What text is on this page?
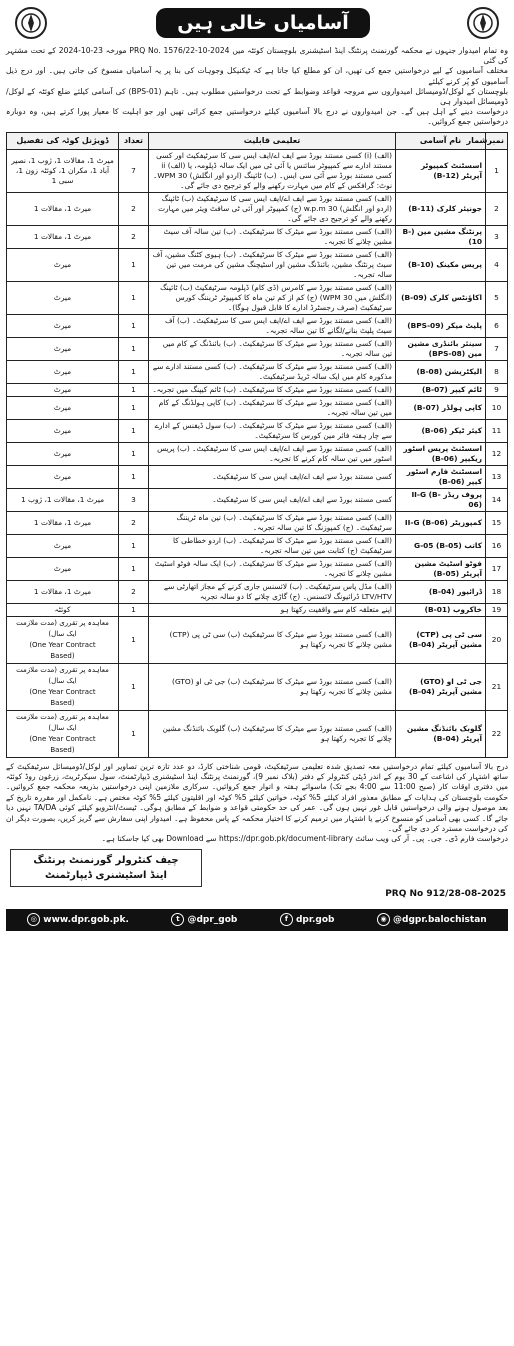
آسامیاں خالی ہیں

وہ تمام امیدوار جنہوں نے محکمہ گورنمنٹ پرنٹنگ اینڈ اسٹیشنری بلوچستان کوئٹہ میں PRQ No. 1576/22-10-2024 مورخہ 23-10-2024 کے تحت مشتہر کی گئی

مختلف آسامیوں کے لیے درخواستیں جمع کی تھیں، ان کو مطلع کیا جاتا ہے کہ ٹیکنیکل وجوہات کی بنا پر یہ آسامیاں منسوخ کی جاتی ہیں۔ اور درج ذیل آسامیوں کو پُر کرنے کیلئے

بلوچستان کے لوکل/ڈومیسائل امیدواروں سے مروجہ قواعد وضوابط کے تحت درخواستیں مطلوب ہیں۔ تاہم (BPS-01) کی آسامی کیلئے ضلع کوئٹہ کے لوکل/ڈومیسائل امیدوار ہی

درخواست دینے کے اہل ہیں گے۔ جن امیدواروں نے درج بالا آسامیوں کیلئے درخواستیں جمع کرائی تھیں اور جو اہلیت کا معیار پورا کرتے ہیں، وہ دوبارہ درخواستیں جمع کروائیں۔

نمبرشمار	نام آسامی	تعلیمی قابلیت	تعداد	ڈویژنل کوٹہ کی تفصیل
1	اسسٹنٹ کمپیوٹر آپریٹر (B-12)	(الف) (i) کسی مستند بورڈ سے ایف اے/ایف ایس سی کا سرٹیفکیٹ اور کسی مستند ادارے سے کمپیوٹر سائنس یا آئی ٹی میں ایک سالہ ڈپلومہ، یا (الف) ii کسی مستند بورڈ سے آئی سی ایس۔ (ب) ٹائپنگ (اردو اور انگلش) 30 WPM۔ نوٹ: گرافکس کے کام میں مہارت رکھنے والے کو ترجیح دی جائے گی۔	7	میرٹ 1، مقالات 1، ژوب 1، نصیر آباد 1، مکران 1، کوئٹہ زون 1، سبی 1
2	جونیئر کلرک (B-11)	(الف) کسی مستند بورڈ سے ایف اے/ایف ایس سی کا سرٹیفکیٹ (ب) ٹائپنگ (اردو اور انگلش) w.p.m 30 (ج) کمپیوٹر اور آئی ٹی سافٹ ویئر میں مہارت رکھنے والے کو ترجیح دی جائے گی۔	2	میرٹ 1، مقالات 1
3	پرنٹنگ مشین مین (B-10)	(الف) کسی مستند بورڈ سے میٹرک کا سرٹیفکیٹ۔ (ب) تین سالہ آف سیٹ مشین چلانے کا تجربہ۔	2	میرٹ 1، مقالات 1
4	پریس مکینک (B-10)	(الف) کسی مستند بورڈ سے میٹرک کا سرٹیفکیٹ۔ (ب) ہیوی کٹنگ مشین، آف سیٹ پرنٹنگ مشین، بائنڈنگ مشین اور اسٹیچنگ مشین کی مرمت میں تین سالہ تجربہ۔	1	میرٹ
5	اکاؤنٹس کلرک (B-09)	(الف) کسی مستند بورڈ سے کامرس (ڈی کام) ڈپلومہ سرٹیفکیٹ (ب) ٹائپنگ (انگلش میں 30 WPM) (ج) کم از کم تین ماہ کا کمپیوٹر ٹریننگ کورس سرٹیفکیٹ (صرف رجسٹرڈ ادارے کا قابل قبول ہوگا)۔	1	میرٹ
6	پلیٹ میکر (BPS-09)	(الف) کسی مستند بورڈ سے ایف اے/ایف ایس سی کا سرٹیفکیٹ۔ (ب) آف سیٹ پلیٹ بنانے/لگانے کا تین سالہ تجربہ۔	1	میرٹ
7	سینئر بائنڈری مشین مین (BPS-08)	(الف) کسی مستند بورڈ سے میٹرک کا سرٹیفکیٹ۔ (ب) بائنڈنگ کے کام میں تین سالہ تجربہ۔	1	میرٹ
8	الیکٹریشن (B-08)	(الف) کسی مستند بورڈ سے میٹرک کا سرٹیفکیٹ۔ (ب) کسی مستند ادارے سے مذکورہ کام میں ایک سالہ ٹریڈ سرٹیفکیٹ۔	1	میرٹ
9	ٹائم کیپر (B-07)	(الف) کسی مستند بورڈ سے میٹرک کا سرٹیفکیٹ۔ (ب) ٹائم کیپنگ میں تجربہ۔	1	میرٹ
10	کاپی ہولڈر (B-07)	(الف) کسی مستند بورڈ سے میٹرک کا سرٹیفکیٹ۔ (ب) کاپی ہولڈنگ کے کام میں تین سالہ تجربہ۔	1	میرٹ
11	کیئر ٹیکر (B-06)	(الف) کسی مستند بورڈ سے میٹرک کا سرٹیفکیٹ۔ (ب) سول ڈیفنس کے ادارے سے چار ہفتہ فائر مین کورس کا سرٹیفکیٹ۔	1	میرٹ
12	اسسٹنٹ پریس اسٹور ریکیپر (B-06)	(الف) کسی مستند بورڈ سے ایف اے/ایف ایس سی کا سرٹیفکیٹ۔ (ب) پریس اسٹور میں تین سالہ کام کرنے کا تجربہ۔	1	میرٹ
13	اسسٹنٹ فارم اسٹور کیپر (B-06)	کسی مستند بورڈ سے ایف اے/ایف ایس سی کا سرٹیفکیٹ۔	1	میرٹ
14	پروف ریڈر II-G (B-06)	کسی مستند بورڈ سے ایف اے/ایف ایس سی کا سرٹیفکیٹ۔	3	میرٹ 1، مقالات 1، ژوب 1
15	کمپوزیٹر II-G (B-06)	(الف) کسی مستند بورڈ سے میٹرک کا سرٹیفکیٹ۔ (ب) تین ماہ ٹریننگ سرٹیفکیٹ۔ (ج) کمپوزنگ کا تین سالہ تجربہ۔	2	میرٹ 1، مقالات 1
16	کاتب G-05 (B-05)	(الف) کسی مستند بورڈ سے میٹرک کا سرٹیفکیٹ۔ (ب) اردو خطاطی کا سرٹیفکیٹ (ج) کتابت میں تین سالہ تجربہ۔	1	میرٹ
17	فوٹو اسٹیٹ مشین آپریٹر (B-05)	(الف) کسی مستند بورڈ سے میٹرک کا سرٹیفکیٹ۔ (ب) ایک سالہ فوٹو اسٹیٹ مشین چلانے کا تجربہ۔	1	میرٹ
18	ڈرائیور (B-04)	(الف) مڈل پاس سرٹیفکیٹ۔ (ب) لائسنس جاری کرنے کے مجاز اتھارٹی سے LTV/HTV ڈرائیونگ لائسنس۔ (ج) گاڑی چلانے کا دو سالہ تجربہ	2	میرٹ 1، مقالات 1
19	خاکروب (B-01)	اپنے متعلقہ کام سے واقفیت رکھتا ہو	1	کوئٹہ
20	سی ٹی پی (CTP) مشین آپریٹر (B-04)	(الف) کسی مستند بورڈ سے میٹرک کا سرٹیفکیٹ (ب) سی ٹی پی (CTP) مشین چلانے کا تجربہ رکھتا ہو	1	معاہدہ پر تقرری (مدت ملازمت ایک سال)
(One Year Contract
Based)

21	جی ٹی او (GTO) مشین آپریٹر (B-04)	(الف) کسی مستند بورڈ سے میٹرک کا سرٹیفکیٹ (ب) جی ٹی او (GTO) مشین چلانے کا تجربہ رکھتا ہو	1	معاہدہ پر تقرری (مدت ملازمت ایک سال)
(One Year Contract
Based)

22	گلوبک بائنڈنگ مشین آپریٹر (B-04)	(الف) کسی مستند بورڈ سے میٹرک کا سرٹیفکیٹ (ب) گلوبک بائنڈنگ مشین چلانے کا تجربہ رکھتا ہو	1	معاہدہ پر تقرری (مدت ملازمت ایک سال)
(One Year Contract
Based)

درج بالا آسامیوں کیلئے تمام درخواستیں معہ تصدیق شدہ تعلیمی سرٹیفکیٹ، قومی شناختی کارڈ، دو عدد تازہ ترین تصاویر اور لوکل/ڈومیسائل سرٹیفکیٹ کے ساتھ اشتہار کی اشاعت کے 30 یوم کے اندر ڈپٹی کنٹرولر کے دفتر (بلاک نمبر 9)، گورنمنٹ پرنٹنگ اینڈ اسٹیشنری ڈیپارٹمنٹ، سول سیکرٹریٹ، زرغون روڈ کوئٹہ میں دفتری اوقات کار (صبح 11:00 سے 4:00 بجے تک) ماسوائے ہفتہ و اتوار جمع کروائیں۔ سرکاری ملازمین اپنی درخواستیں بذریعہ محکمہ جمع کروائیں۔ حکومت بلوچستان کی ہدایات کے مطابق معذور افراد کیلئے 5% کوٹہ، خواتین کیلئے 5% کوٹہ اور اقلیتوں کیلئے 5% کوٹہ مختص ہے۔ نامکمل اور مقررہ تاریخ کے بعد موصول ہونے والی درخواستیں قابل غور نہیں ہوں گی۔ عمر کی حد حکومتی قواعد و ضوابط کے مطابق ہوگی۔ ٹیسٹ/انٹرویو کیلئے کوئی TA/DA نہیں دیا جائے گا۔ کسی بھی آسامی کو منسوخ کرنے یا اشتہار میں ترمیم کرنے کا اختیار محکمہ کے پاس محفوظ ہے۔ امیدوار اپنی سفارش سے گریز کریں، بصورت دیگر ان کی درخواست مسترد کر دی جائے گی۔

درخواست فارم ڈی۔ جی۔ پی۔ آر کی ویب سائٹ https://dpr.gob.pk/document-library سے Download بھی کیا جاسکتا ہے۔

چیف کنٹرولر گورنمنٹ پرنٹنگ
اینڈ اسٹیشنری ڈیپارٹمنٹ
PRQ No 912/28-08-2025
◎ www.dpr.gob.pk.	t @dpr_gob	f dpr.gob	◉ @dgpr.balochistan
